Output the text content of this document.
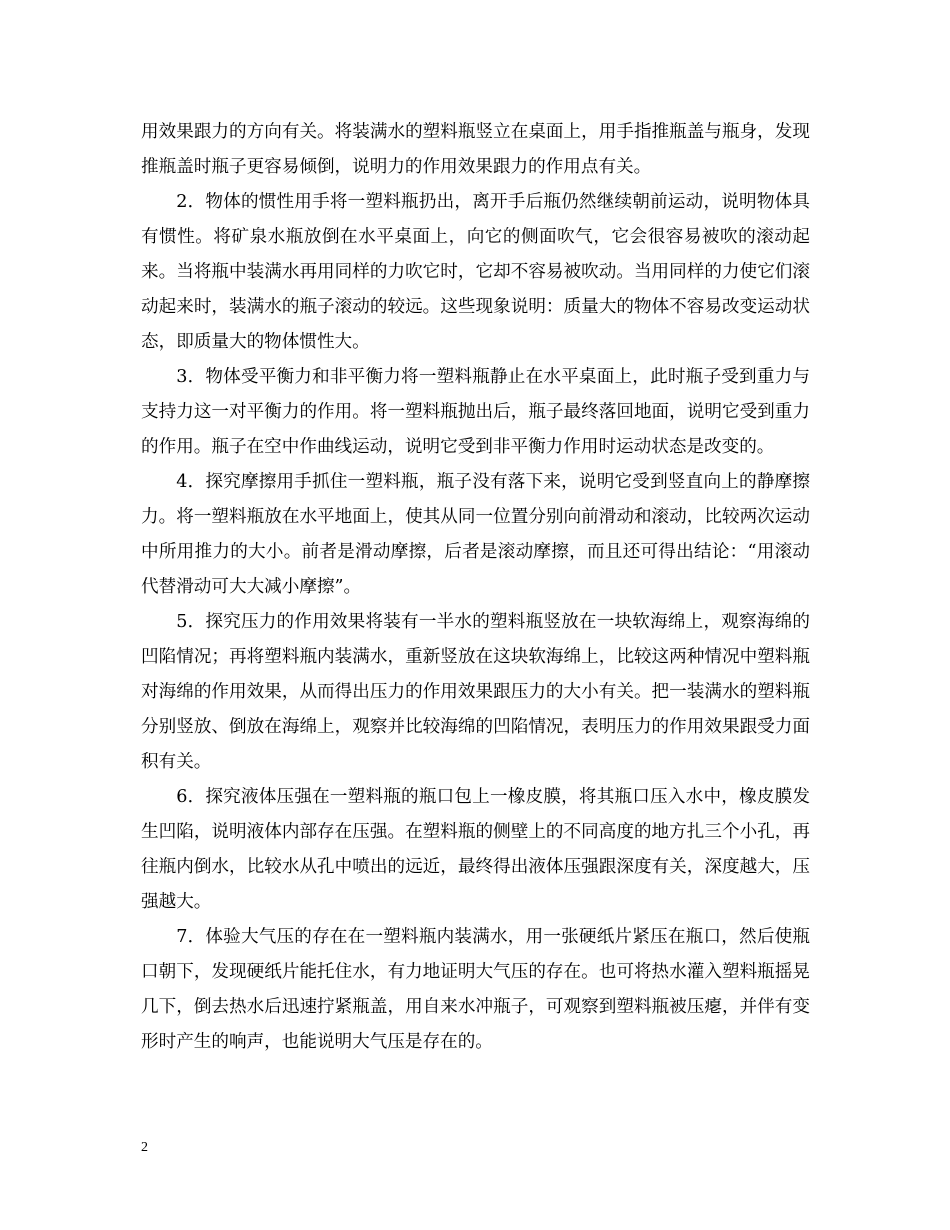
用效果跟力的方向有关。将装满水的塑料瓶竖立在桌面上，用手指推瓶盖与瓶身，发现推瓶盖时瓶子更容易倾倒，说明力的作用效果跟力的作用点有关。

2．物体的惯性用手将一塑料瓶扔出，离开手后瓶仍然继续朝前运动，说明物体具有惯性。将矿泉水瓶放倒在水平桌面上，向它的侧面吹气，它会很容易被吹的滚动起来。当将瓶中装满水再用同样的力吹它时，它却不容易被吹动。当用同样的力使它们滚动起来时，装满水的瓶子滚动的较远。这些现象说明：质量大的物体不容易改变运动状态，即质量大的物体惯性大。

3．物体受平衡力和非平衡力将一塑料瓶静止在水平桌面上，此时瓶子受到重力与支持力这一对平衡力的作用。将一塑料瓶抛出后，瓶子最终落回地面，说明它受到重力的作用。瓶子在空中作曲线运动，说明它受到非平衡力作用时运动状态是改变的。

4．探究摩擦用手抓住一塑料瓶，瓶子没有落下来，说明它受到竖直向上的静摩擦力。将一塑料瓶放在水平地面上，使其从同一位置分别向前滑动和滚动，比较两次运动中所用推力的大小。前者是滑动摩擦，后者是滚动摩擦，而且还可得出结论：“用滚动代替滑动可大大减小摩擦”。

5．探究压力的作用效果将装有一半水的塑料瓶竖放在一块软海绵上，观察海绵的凹陷情况；再将塑料瓶内装满水，重新竖放在这块软海绵上，比较这两种情况中塑料瓶对海绵的作用效果，从而得出压力的作用效果跟压力的大小有关。把一装满水的塑料瓶分别竖放、倒放在海绵上，观察并比较海绵的凹陷情况，表明压力的作用效果跟受力面积有关。

6．探究液体压强在一塑料瓶的瓶口包上一橡皮膜，将其瓶口压入水中，橡皮膜发生凹陷，说明液体内部存在压强。在塑料瓶的侧壁上的不同高度的地方扎三个小孔，再往瓶内倒水，比较水从孔中喷出的远近，最终得出液体压强跟深度有关，深度越大，压强越大。

7．体验大气压的存在在一塑料瓶内装满水，用一张硬纸片紧压在瓶口，然后使瓶口朝下，发现硬纸片能托住水，有力地证明大气压的存在。也可将热水灌入塑料瓶摇晃几下，倒去热水后迅速拧紧瓶盖，用自来水冲瓶子，可观察到塑料瓶被压瘪，并伴有变形时产生的响声，也能说明大气压是存在的。

2
